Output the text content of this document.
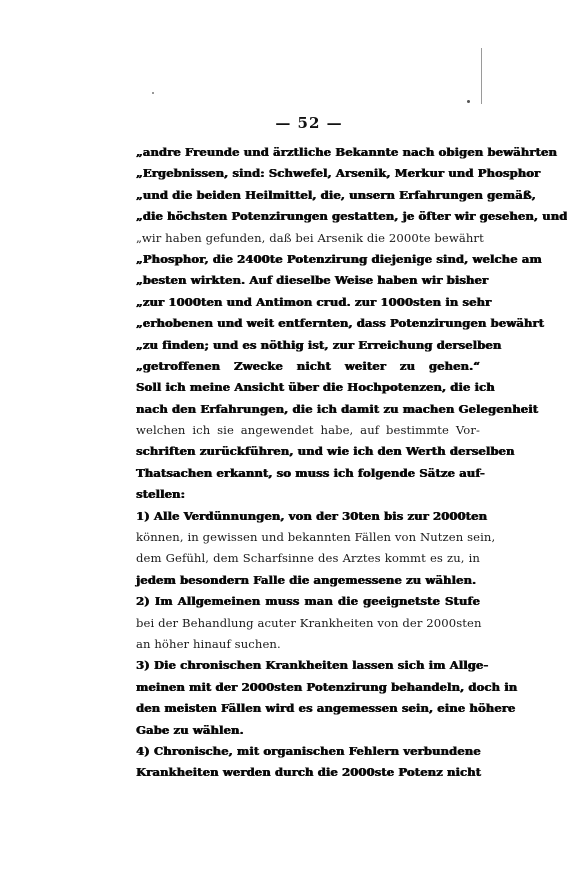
— 52 —
„andre Freunde und ärztliche Bekannte nach obigen bewährten
„Ergebnissen, sind: Schwefel, Arsenik, Merkur und Phosphor
„und die beiden Heilmittel, die, unsern Erfahrungen gemäß,
„die höchsten Potenzirungen gestatten, je öfter wir gesehen, und
„wir haben gefunden, daß bei Arsenik die 2000te bewährt
„Phosphor, die 2400te Potenzirung diejenige sind, welche am
„besten wirkten. Auf dieselbe Weise haben wir bisher
„zur 1000ten und Antimon crud. zur 1000sten in sehr
„erhobenen und weit entfernten, dass Potenzirungen bewährt
„zu finden; und es nöthig ist, zur Erreichung derselben
„getroffenen Zwecke nicht weiter zu gehen.“
Soll ich meine Ansicht über die Hochpotenzen, die ich
nach den Erfahrungen, die ich damit zu machen Gelegenheit
welchen ich sie angewendet habe, auf bestimmte Vor-
schriften zurückführen, und wie ich den Werth derselben
Thatsachen erkannt, so muss ich folgende Sätze auf-
stellen:
1) Alle Verdünnungen, von der 30ten bis zur 2000ten
können, in gewissen und bekannten Fällen von Nutzen sein,
dem Gefühl, dem Scharfsinne des Arztes kommt es zu, in
jedem besondern Falle die angemessene zu wählen.
2) Im Allgemeinen muss man die geeignetste Stufe
bei der Behandlung acuter Krankheiten von der 2000sten
an höher hinauf suchen.
3) Die chronischen Krankheiten lassen sich im Allge-
meinen mit der 2000sten Potenzirung behandeln, doch in
den meisten Fällen wird es angemessen sein, eine höhere
Gabe zu wählen.
4) Chronische, mit organischen Fehlern verbundene
Krankheiten werden durch die 2000ste Potenz nicht
